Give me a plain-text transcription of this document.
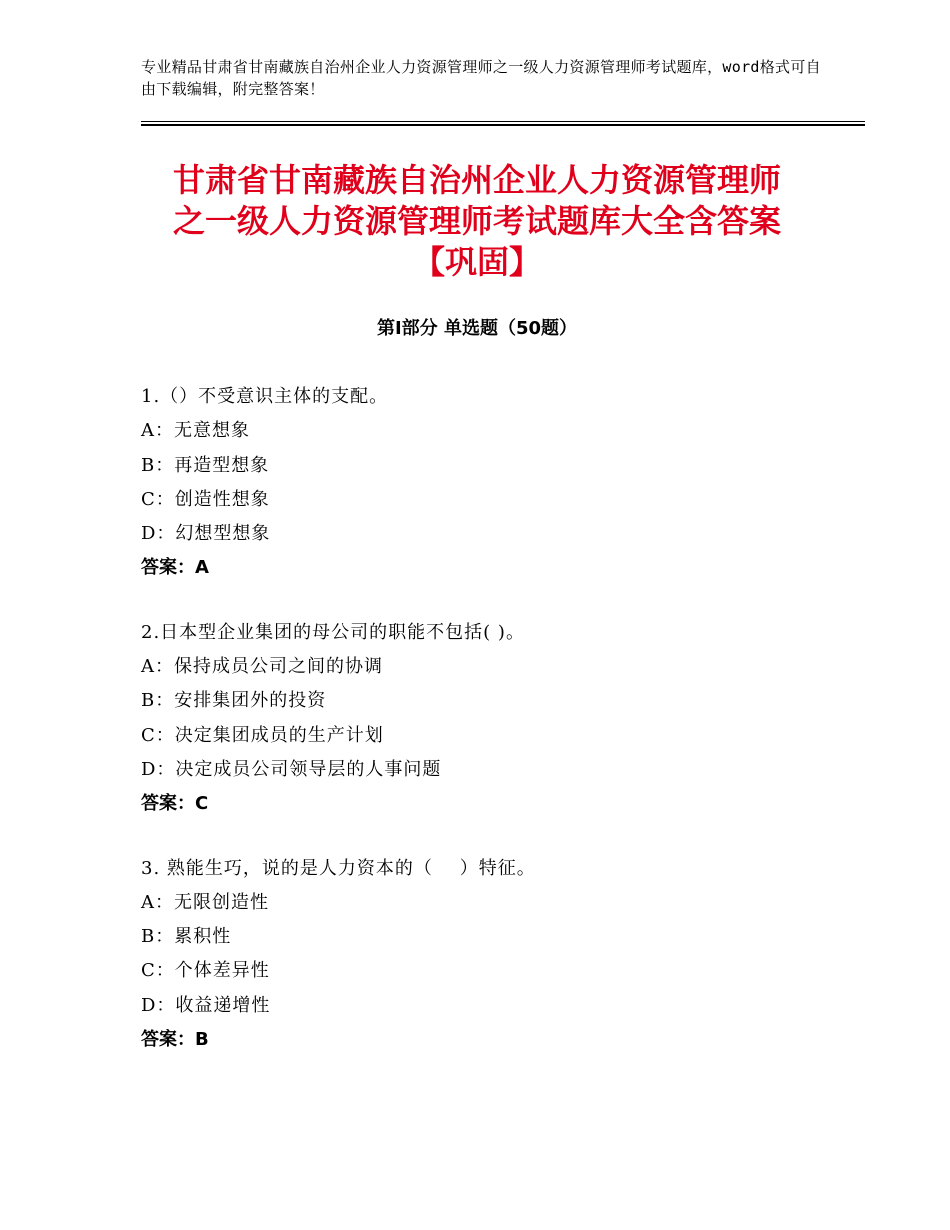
专业精品甘肃省甘南藏族自治州企业人力资源管理师之一级人力资源管理师考试题库，word格式可自由下载编辑，附完整答案！
甘肃省甘南藏族自治州企业人力资源管理师
之一级人力资源管理师考试题库大全含答案
【巩固】
第Ⅰ部分 单选题（50题）
1.（）不受意识主体的支配。
A：无意想象
B：再造型想象
C：创造性想象
D：幻想型想象
答案：A
2.日本型企业集团的母公司的职能不包括( )。
A：保持成员公司之间的协调
B：安排集团外的投资
C：决定集团成员的生产计划
D：决定成员公司领导层的人事问题
答案：C
3. 熟能生巧，说的是人力资本的（    ）特征。
A：无限创造性
B：累积性
C：个体差异性
D：收益递增性
答案：B
